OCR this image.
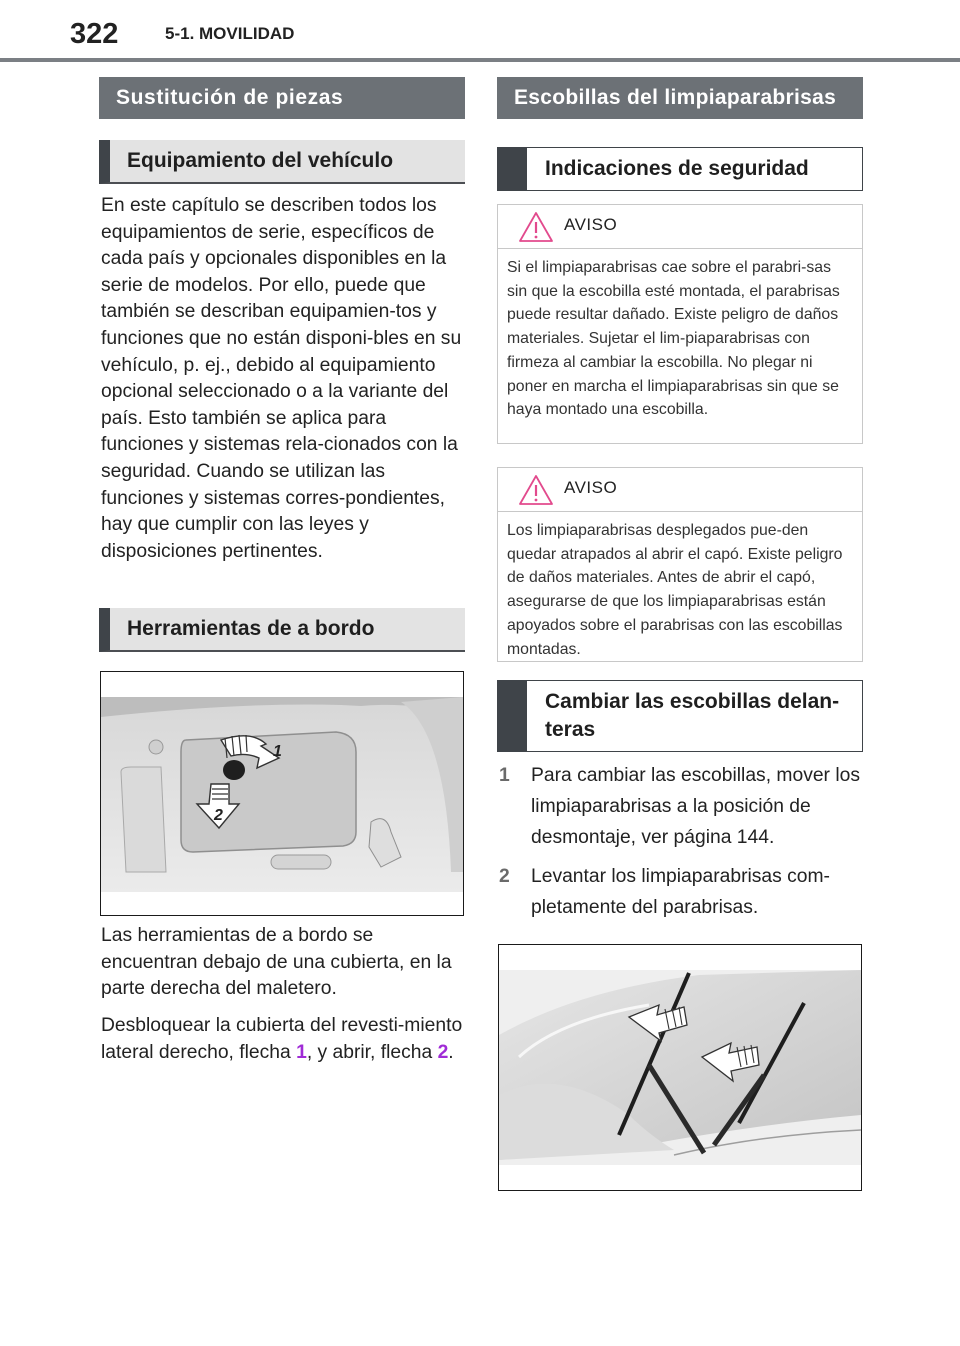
322	5-1. MOVILIDAD
Sustitución de piezas
Equipamiento del vehículo

En este capítulo se describen todos los equipamientos de serie, específicos de cada país y opcionales disponibles en la serie de modelos. Por ello, puede que también se describan equipamien-tos y funciones que no están disponi-bles en su vehículo, p. ej., debido al equipamiento opcional seleccionado o a la variante del país. Esto también se aplica para funciones y sistemas rela-cionados con la seguridad. Cuando se utilizan las funciones y sistemas corres-pondientes, hay que cumplir con las leyes y disposiciones pertinentes.

Herramientas de a bordo
1
2

Las herramientas de a bordo se encuentran debajo de una cubierta, en la parte derecha del maletero.

Desbloquear la cubierta del revesti-miento lateral derecho, flecha 1, y abrir, flecha 2.

Escobillas del limpiaparabrisas
Indicaciones de seguridad
AVISO

Si el limpiaparabrisas cae sobre el parabri-sas sin que la escobilla esté montada, el parabrisas puede resultar dañado. Existe peligro de daños materiales. Sujetar el lim-piaparabrisas con firmeza al cambiar la escobilla. No plegar ni poner en marcha el limpiaparabrisas sin que se haya montado una escobilla.

AVISO

Los limpiaparabrisas desplegados pue-den quedar atrapados al abrir el capó. Existe peligro de daños materiales. Antes de abrir el capó, asegurarse de que los limpiaparabrisas están apoyados sobre el parabrisas con las escobillas montadas.

Cambiar las escobillas delan-teras
1 Para cambiar las escobillas, mover los limpiaparabrisas a la posición de desmontaje, ver página 144.
2 Levantar los limpiaparabrisas com-pletamente del parabrisas.
